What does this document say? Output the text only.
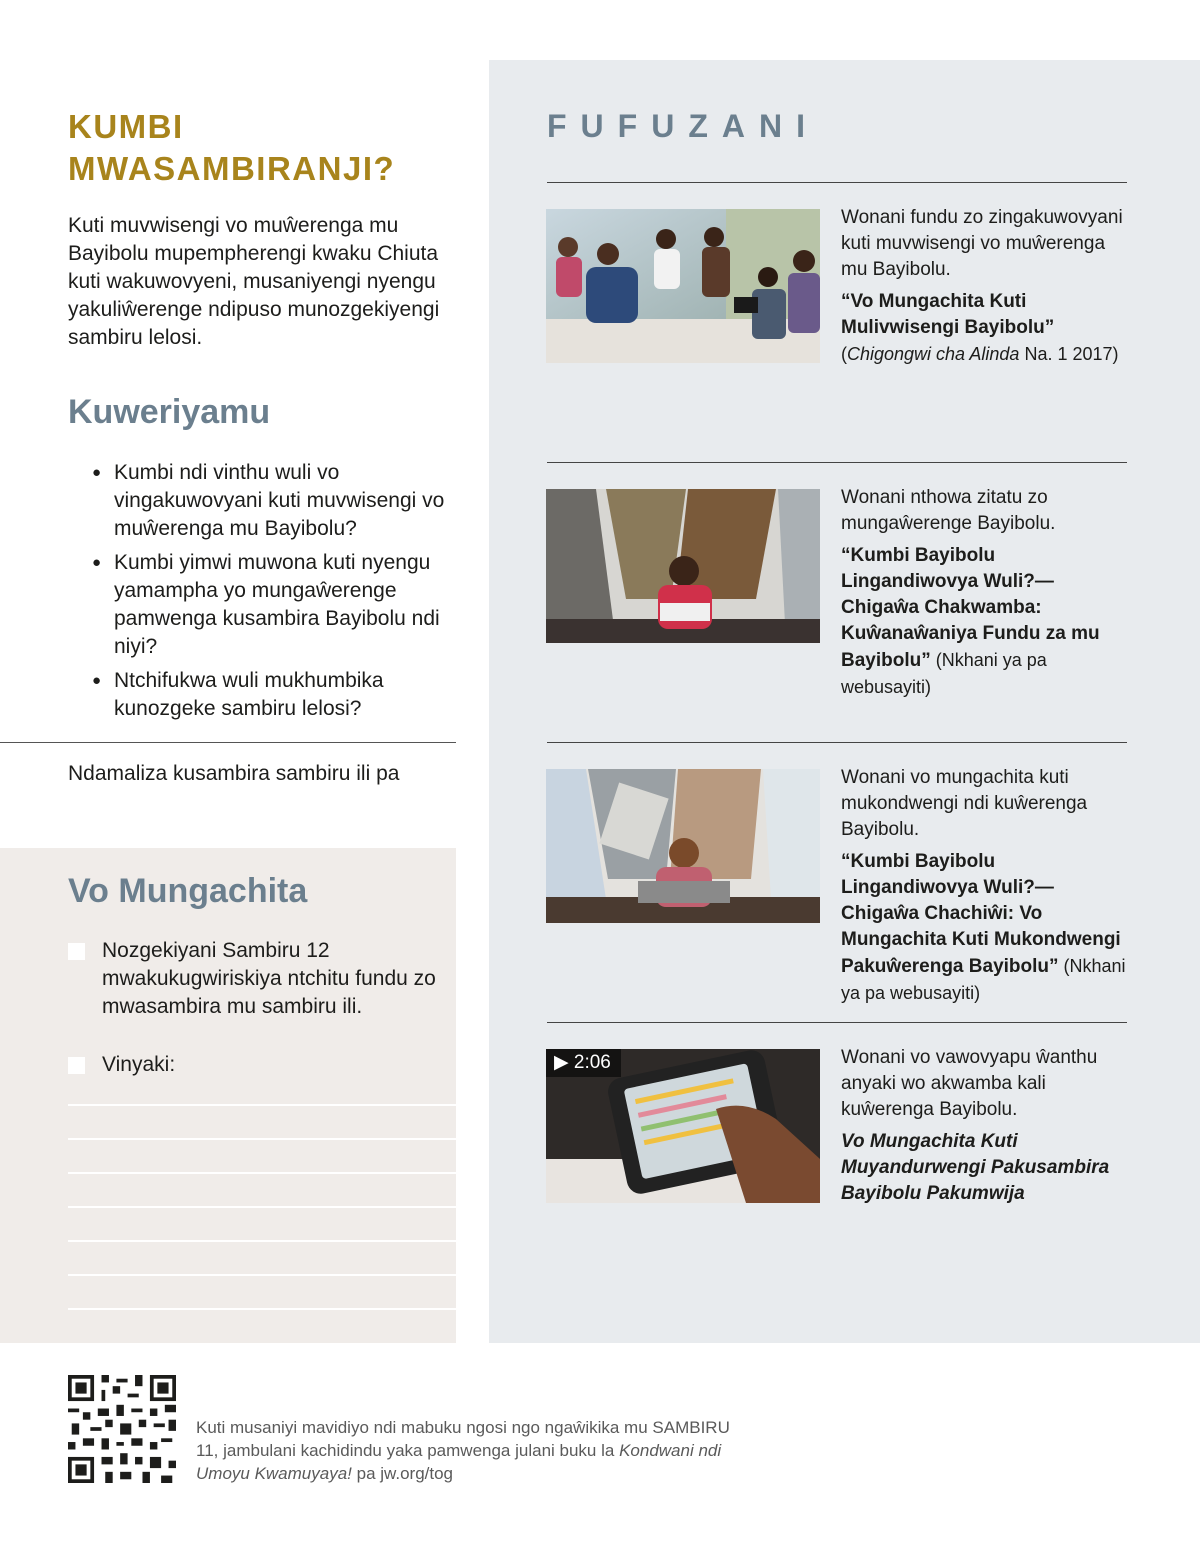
KUMBI MWASAMBIRANJI?

Kuti muvwisengi vo muŵerenga mu Bayibolu mupempherengi kwaku Chiuta kuti wakuwovyeni, musaniyengi nyengu yakuliŵerenge ndipuso munozgekiyengi sambiru lelosi.

Kuweriyamu
● Kumbi ndi vinthu wuli vo vingakuwovyani kuti muvwisengi vo muŵerenga mu Bayibolu?
● Kumbi yimwi muwona kuti nyengu yamampha yo mungaŵerenge pamwenga kusambira Bayibolu ndi niyi?
● Ntchifukwa wuli mukhumbika kunozgeke sambiru lelosi?

Ndamaliza kusambira sambiru ili pa

Vo Mungachita

Nozgekiyani Sambiru 12 mwakukugwiriskiya ntchitu fundu zo mwasambira mu sambiru ili.

Vinyaki:

FUFUZANI
Wonani fundu zo zingakuwovyani kuti muvwisengi vo muŵerenga mu Bayibolu.
“Vo Mungachita Kuti Mulivwisengi Bayibolu”
(Chigongwi cha Alinda Na. 1 2017)
Wonani nthowa zitatu zo mungaŵerenge Bayibolu.
“Kumbi Bayibolu Lingandiwovya Wuli?—Chigaŵa Chakwamba: Kuŵanaŵaniya Fundu za mu Bayibolu” (Nkhani ya pa webusayiti)
Wonani vo mungachita kuti mukondwengi ndi kuŵerenga Bayibolu.
“Kumbi Bayibolu Lingandiwovya Wuli?—Chigaŵa Chachiŵi: Vo Mungachita Kuti Mukondwengi Pakuŵerenga Bayibolu” (Nkhani ya pa webusayiti)
▶ 2:06	Wonani vo vawovyapu ŵanthu anyaki wo akwamba kali kuŵerenga Bayibolu.
Vo Mungachita Kuti Muyandurwengi Pakusambira Bayibolu Pakumwija

Kuti musaniyi mavidiyo ndi mabuku ngosi ngo ngaŵikika mu SAMBIRU 11, jambulani kachidindu yaka pamwenga julani buku la Kondwani ndi Umoyu Kwamuyaya! pa jw.org/tog
